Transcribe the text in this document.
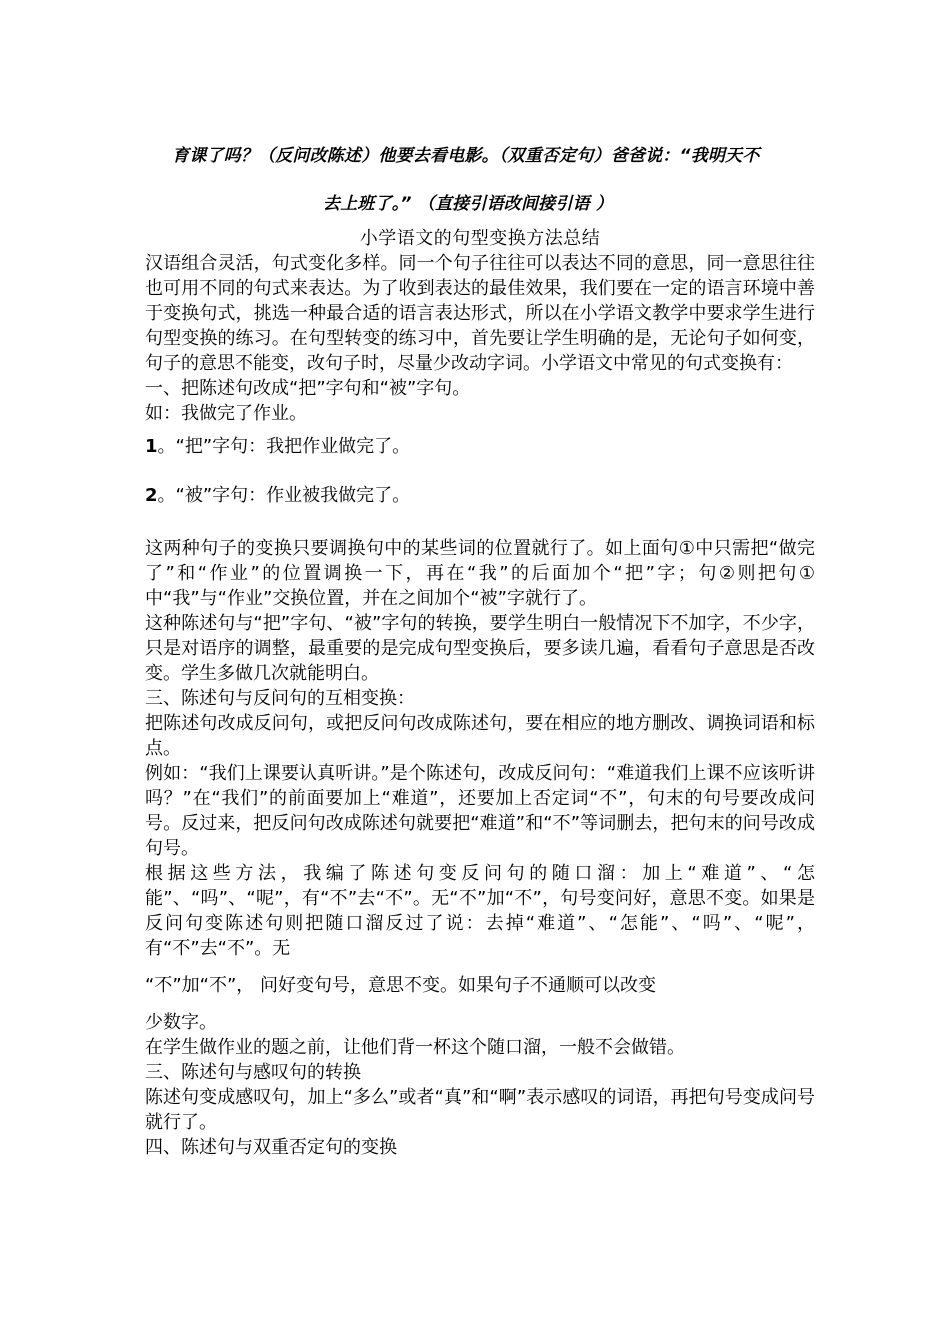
育课了吗？（反问改陈述）他要去看电影。（双重否定句）爸爸说：“我明天不
去上班了。” （直接引语改间接引语 ）
小学语文的句型变换方法总结
汉语组合灵活，句式变化多样。同一个句子往往可以表达不同的意思，同一意思往往也可用不同的句式来表达。为了收到表达的最佳效果，我们要在一定的语言环境中善于变换句式，挑选一种最合适的语言表达形式，所以在小学语文教学中要求学生进行句型变换的练习。在句型转变的练习中，首先要让学生明确的是，无论句子如何变，句子的意思不能变，改句子时，尽量少改动字词。小学语文中常见的句式变换有：
一、把陈述句改成“把”字句和“被”字句。
如：我做完了作业。
1。“把”字句：我把作业做完了。
2。“被”字句：作业被我做完了。
这两种句子的变换只要调换句中的某些词的位置就行了。如上面句①中只需把“做完了”和“作业”的位置调换一下，再在“我”的后面加个“把”字；句②则把句①中“我”与“作业”交换位置，并在之间加个“被”字就行了。
这种陈述句与“把”字句、“被”字句的转换，要学生明白一般情况下不加字，不少字，只是对语序的调整，最重要的是完成句型变换后，要多读几遍，看看句子意思是否改变。学生多做几次就能明白。
三、陈述句与反问句的互相变换：
把陈述句改成反问句，或把反问句改成陈述句，要在相应的地方删改、调换词语和标点。
例如：“我们上课要认真听讲。”是个陈述句，改成反问句：“难道我们上课不应该听讲吗？”在“我们”的前面要加上“难道”，还要加上否定词“不”，句末的句号要改成问号。反过来，把反问句改成陈述句就要把“难道”和“不”等词删去，把句末的问号改成句号。
根据这些方法，我编了陈述句变反问句的随口溜：加上“难道”、“怎能”、“吗”、“呢”，有“不”去“不”。无“不”加“不”，句号变问好，意思不变。如果是反问句变陈述句则把随口溜反过了说：去掉“难道”、“怎能”、“吗”、“呢”，有“不”去“不”。无
“不”加“不”， 问好变句号，意思不变。如果句子不通顺可以改变
少数字。
在学生做作业的题之前，让他们背一杯这个随口溜，一般不会做错。
三、陈述句与感叹句的转换
陈述句变成感叹句，加上“多么”或者“真”和“啊”表示感叹的词语，再把句号变成问号就行了。
四、陈述句与双重否定句的变换
